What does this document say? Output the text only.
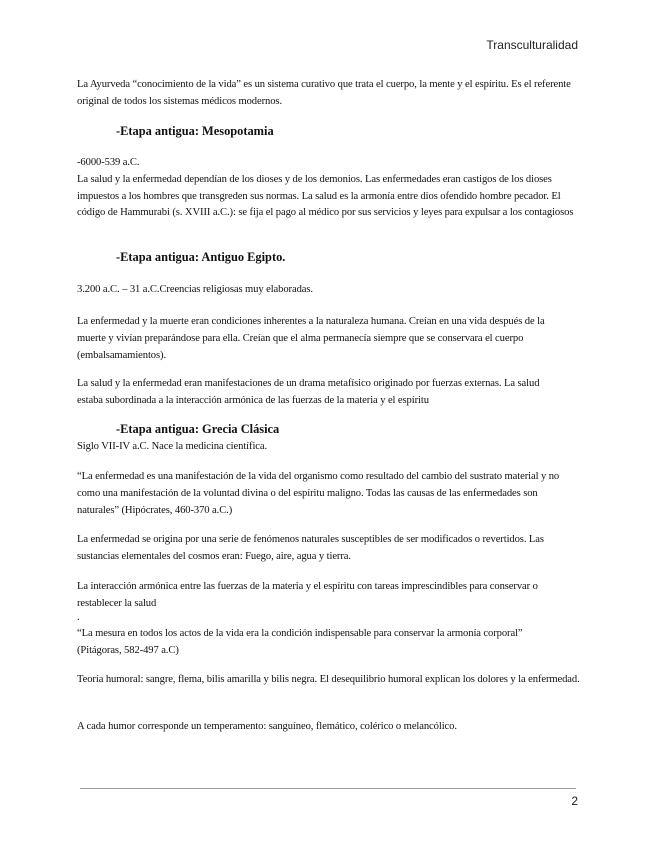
Transculturalidad

La Ayurveda “conocimiento de la vida” es un sistema curativo que trata el cuerpo, la mente y el espíritu. Es el referente original de todos los sistemas médicos modernos.

-Etapa antigua: Mesopotamia

-6000-539 a.C.
La salud y la enfermedad dependían de los dioses y de los demonios. Las enfermedades eran castigos de los dioses impuestos a los hombres que transgreden sus normas. La salud es la armonía entre dios ofendido hombre pecador. El código de Hammurabi (s. XVIII a.C.): se fija el pago al médico por sus servicios y leyes para expulsar a los contagiosos

-Etapa antigua: Antiguo Egipto.

3.200 a.C. – 31 a.C.Creencias religiosas muy elaboradas.

La enfermedad y la muerte eran condiciones inherentes a la naturaleza humana. Creían en una vida después de la muerte y vivían preparándose para ella. Creían que el alma permanecía siempre que se conservara el cuerpo (embalsamamientos).

La salud y la enfermedad eran manifestaciones de un drama metafísico originado por fuerzas externas. La salud estaba subordinada a la interacción armónica de las fuerzas de la materia y el espíritu

-Etapa antigua: Grecia Clásica

Siglo VII-IV a.C. Nace la medicina científica.

“La enfermedad es una manifestación de la vida del organismo como resultado del cambio del sustrato material y no como una manifestación de la voluntad divina o del espíritu maligno. Todas las causas de las enfermedades son naturales” (Hipócrates, 460-370 a.C.)

La enfermedad se origina por una serie de fenómenos naturales susceptibles de ser modificados o revertidos. Las sustancias elementales del cosmos eran: Fuego, aire, agua y tierra.

La interacción armónica entre las fuerzas de la materia y el espíritu con tareas imprescindibles para conservar o restablecer la salud

.

“La mesura en todos los actos de la vida era la condición indispensable para conservar la armonía corporal” (Pitágoras, 582-497 a.C)

Teoría humoral: sangre, flema, bilis amarilla y bilis negra. El desequilibrio humoral explican los dolores y la enfermedad.

A cada humor corresponde un temperamento: sanguíneo, flemático, colérico o melancólico.

2
